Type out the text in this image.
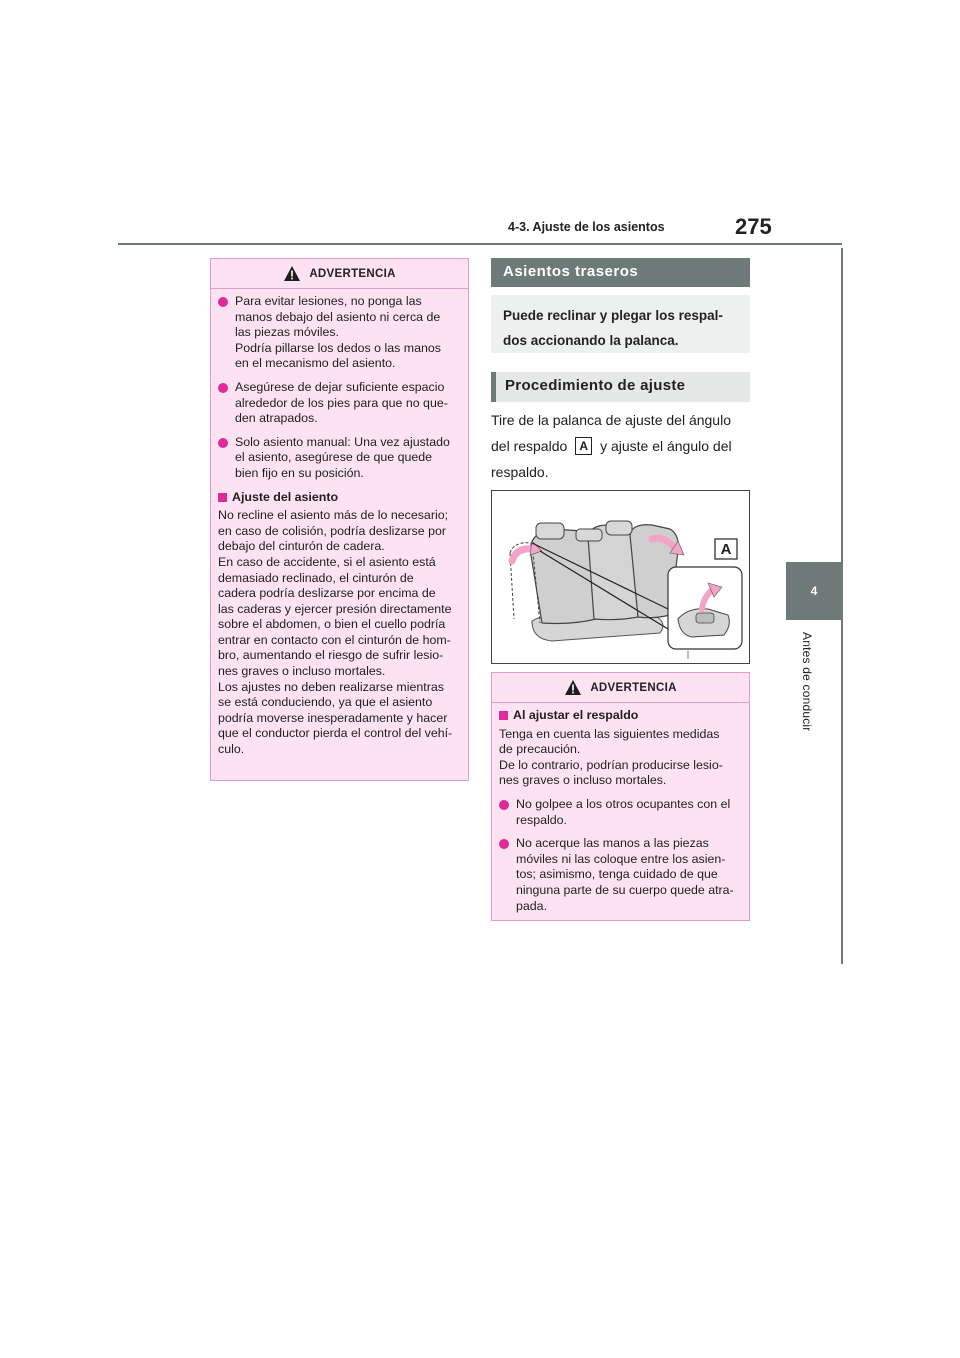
4-3. Ajuste de los asientos	275
4
Antes de conducir
ADVERTENCIA
Para evitar lesiones, no ponga las
manos debajo del asiento ni cerca de
las piezas móviles.
Podría pillarse los dedos o las manos
en el mecanismo del asiento.
Asegúrese de dejar suficiente espacio
alrededor de los pies para que no que-
den atrapados.
Solo asiento manual: Una vez ajustado
el asiento, asegúrese de que quede
bien fijo en su posición.
Ajuste del asiento
No recline el asiento más de lo necesario;
en caso de colisión, podría deslizarse por
debajo del cinturón de cadera.
En caso de accidente, si el asiento está
demasiado reclinado, el cinturón de
cadera podría deslizarse por encima de
las caderas y ejercer presión directamente
sobre el abdomen, o bien el cuello podría
entrar en contacto con el cinturón de hom-
bro, aumentando el riesgo de sufrir lesio-
nes graves o incluso mortales.
Los ajustes no deben realizarse mientras
se está conduciendo, ya que el asiento
podría moverse inesperadamente y hacer
que el conductor pierda el control del vehí-
culo.
Asientos traseros
Puede reclinar y plegar los respal-
dos accionando la palanca.
Procedimiento de ajuste
Tire de la palanca de ajuste del ángulo
del respaldo A y ajuste el ángulo del
respaldo.
A
ADVERTENCIA
Al ajustar el respaldo
Tenga en cuenta las siguientes medidas
de precaución.
De lo contrario, podrían producirse lesio-
nes graves o incluso mortales.
No golpee a los otros ocupantes con el
respaldo.
No acerque las manos a las piezas
móviles ni las coloque entre los asien-
tos; asimismo, tenga cuidado de que
ninguna parte de su cuerpo quede atra-
pada.
